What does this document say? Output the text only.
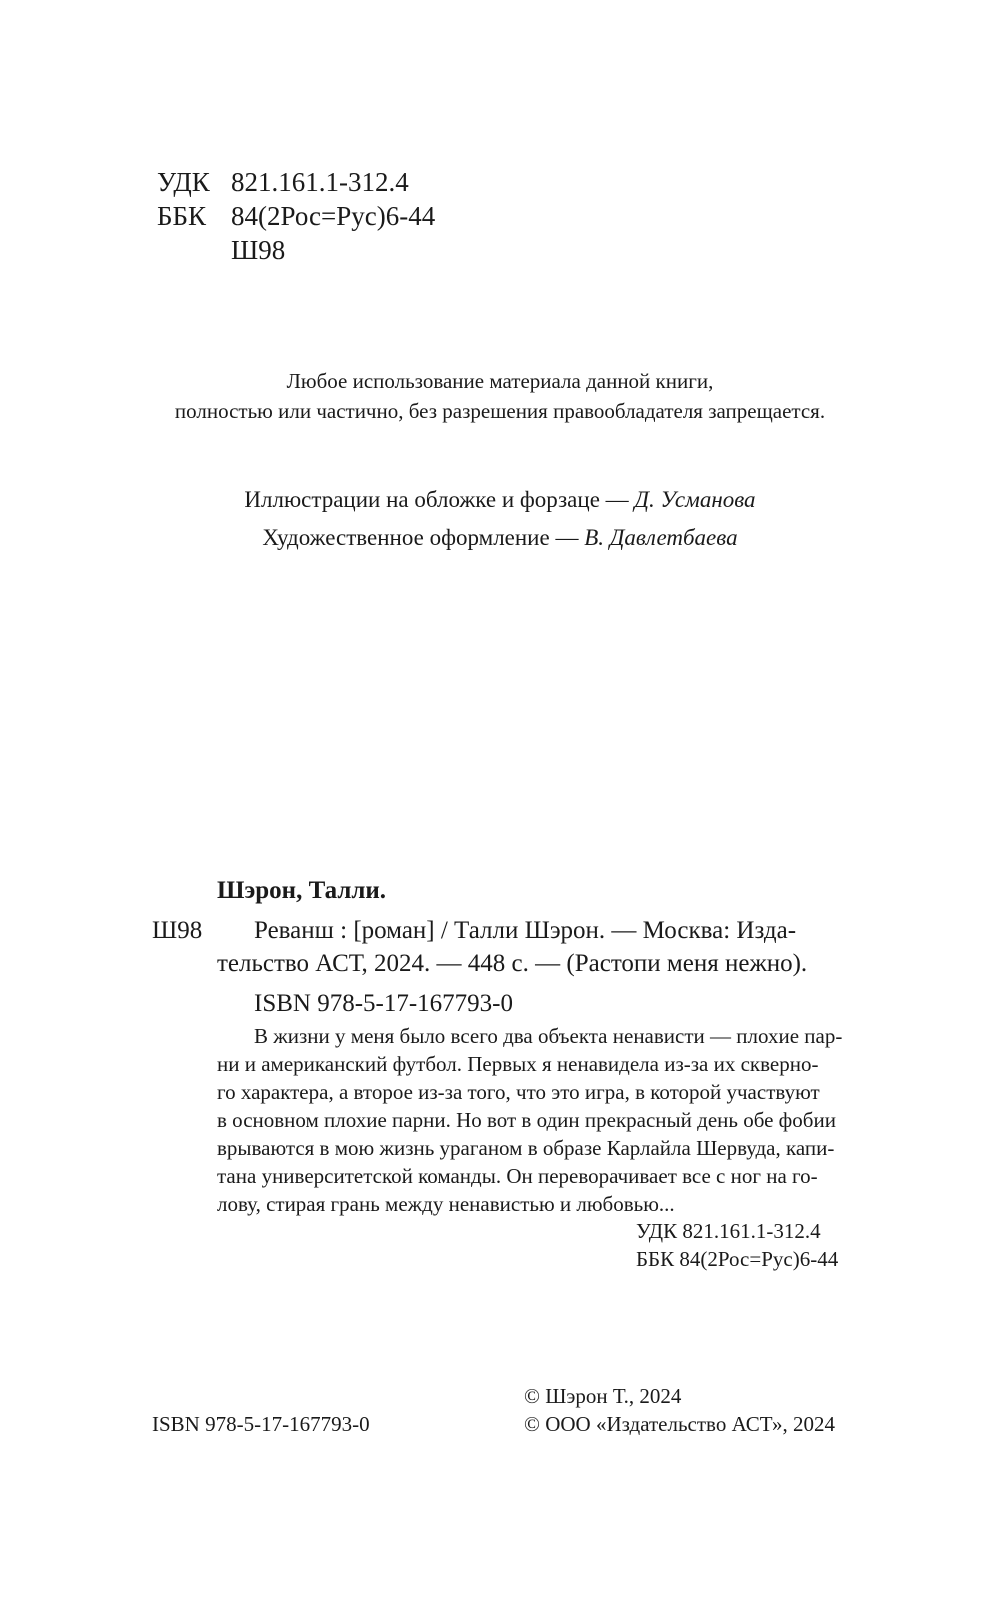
УДК 821.161.1-312.4
ББК 84(2Рос=Рус)6-44
Ш98
Любое использование материала данной книги,
полностью или частично, без разрешения правообладателя запрещается.
Иллюстрации на обложке и форзаце — Д. Усманова
Художественное оформление — В. Давлетбаева
Шэрон, Талли.
Ш98 Реванш : [роман] / Талли Шэрон. — Москва: Изда-
тельство АСТ, 2024. — 448 с. — (Растопи меня нежно).
ISBN 978-5-17-167793-0
В жизни у меня было всего два объекта ненависти — плохие пар-
ни и американский футбол. Первых я ненавидела из-за их скверно-
го характера, а второе из-за того, что это игра, в которой участвуют
в основном плохие парни. Но вот в один прекрасный день обе фобии
врываются в мою жизнь ураганом в образе Карлайла Шервуда, капи-
тана университетской команды. Он переворачивает все с ног на го-
лову, стирая грань между ненавистью и любовью...
УДК 821.161.1-312.4
ББК 84(2Рос=Рус)6-44
© Шэрон Т., 2024
ISBN 978-5-17-167793-0	© ООО «Издательство АСТ», 2024
